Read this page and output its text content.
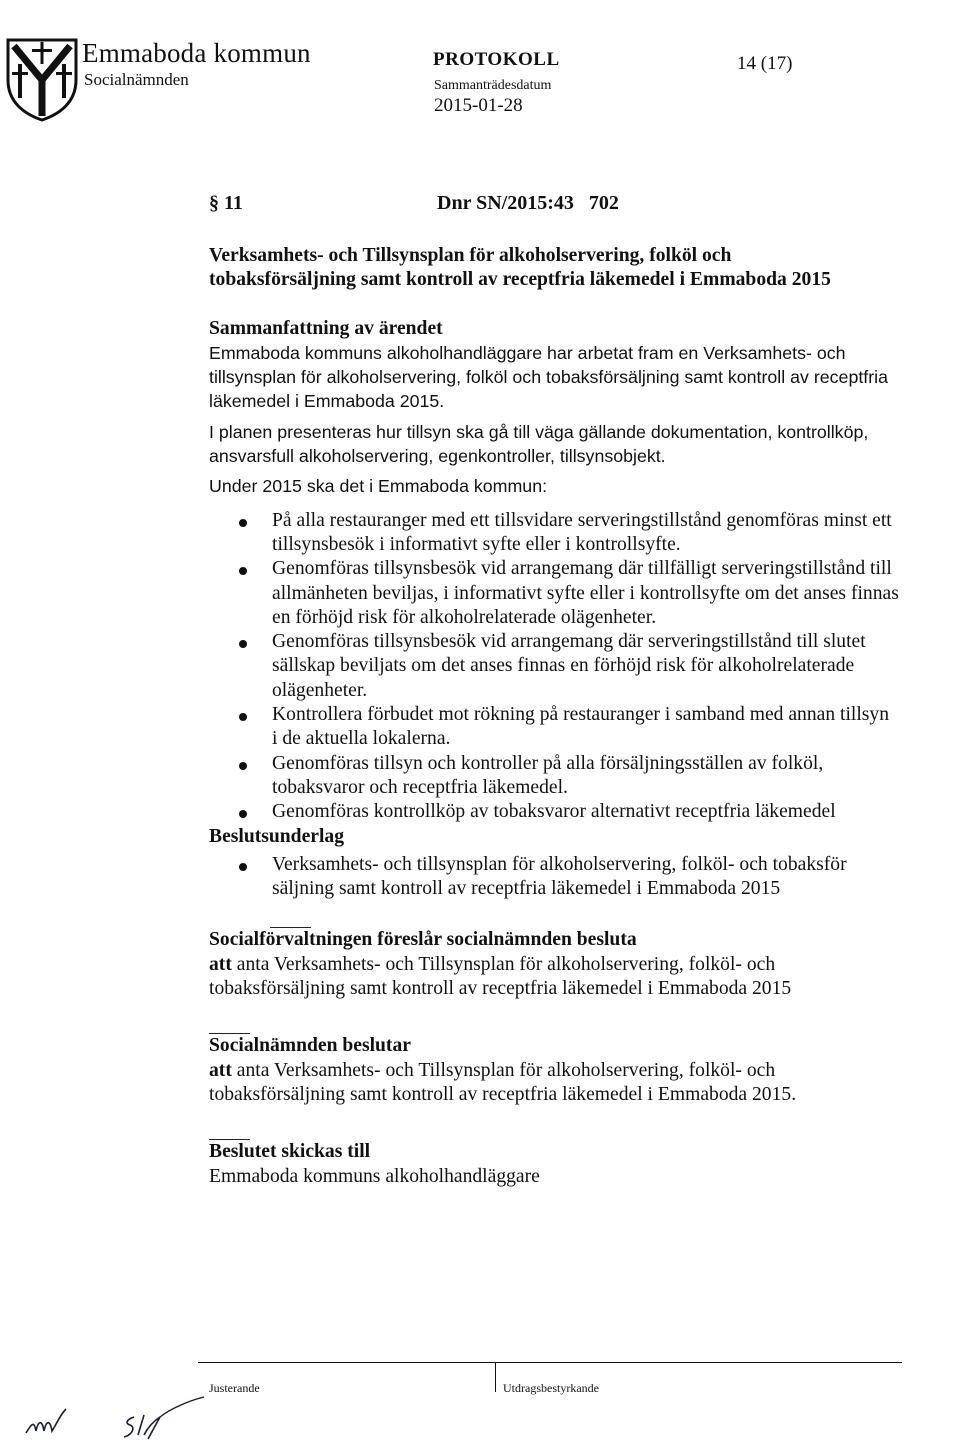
Emmaboda kommun
Socialnämnden
PROTOKOLL
Sammanträdesdatum
2015-01-28
14 (17)
§ 11	Dnr SN/2015:43   702

Verksamhets- och Tillsynsplan för alkoholservering, folköl och
tobaksförsäljning samt kontroll av receptfria läkemedel i Emmaboda 2015

Sammanfattning av ärendet

Emmaboda kommuns alkoholhandläggare har arbetat fram en Verksamhets- och tillsynsplan för alkoholservering, folköl och tobaksförsäljning samt kontroll av receptfria läkemedel i Emmaboda 2015.

I planen presenteras hur tillsyn ska gå till väga gällande dokumentation, kontrollköp, ansvarsfull alkoholservering, egenkontroller, tillsynsobjekt.

Under 2015 ska det i Emmaboda kommun:

På alla restauranger med ett tillsvidare serveringstillstånd genomföras minst ett tillsynsbesök i informativt syfte eller i kontrollsyfte.
Genomföras tillsynsbesök vid arrangemang där tillfälligt serveringstillstånd till allmänheten beviljas, i informativt syfte eller i kontrollsyfte om det anses finnas en förhöjd risk för alkoholrelaterade olägenheter.
Genomföras tillsynsbesök vid arrangemang där serveringstillstånd till slutet sällskap beviljats om det anses finnas en förhöjd risk för alkoholrelaterade olägenheter.
Kontrollera förbudet mot rökning på restauranger i samband med annan tillsyn i de aktuella lokalerna.
Genomföras tillsyn och kontroller på alla försäljningsställen av folköl, tobaksvaror och receptfria läkemedel.
Genomföras kontrollköp av tobaksvaror alternativt receptfria läkemedel

Beslutsunderlag

Verksamhets- och tillsynsplan för alkoholservering, folköl- och tobaksför säljning samt kontroll av receptfria läkemedel i Emmaboda 2015

Socialförvaltningen föreslår socialnämnden besluta

att anta Verksamhets- och Tillsynsplan för alkoholservering, folköl- och tobaksförsäljning samt kontroll av receptfria läkemedel i Emmaboda 2015

Socialnämnden beslutar

att anta Verksamhets- och Tillsynsplan för alkoholservering, folköl- och tobaksförsäljning samt kontroll av receptfria läkemedel i Emmaboda 2015.

Beslutet skickas till

Emmaboda kommuns alkoholhandläggare

Justerande	Utdragsbestyrkande
